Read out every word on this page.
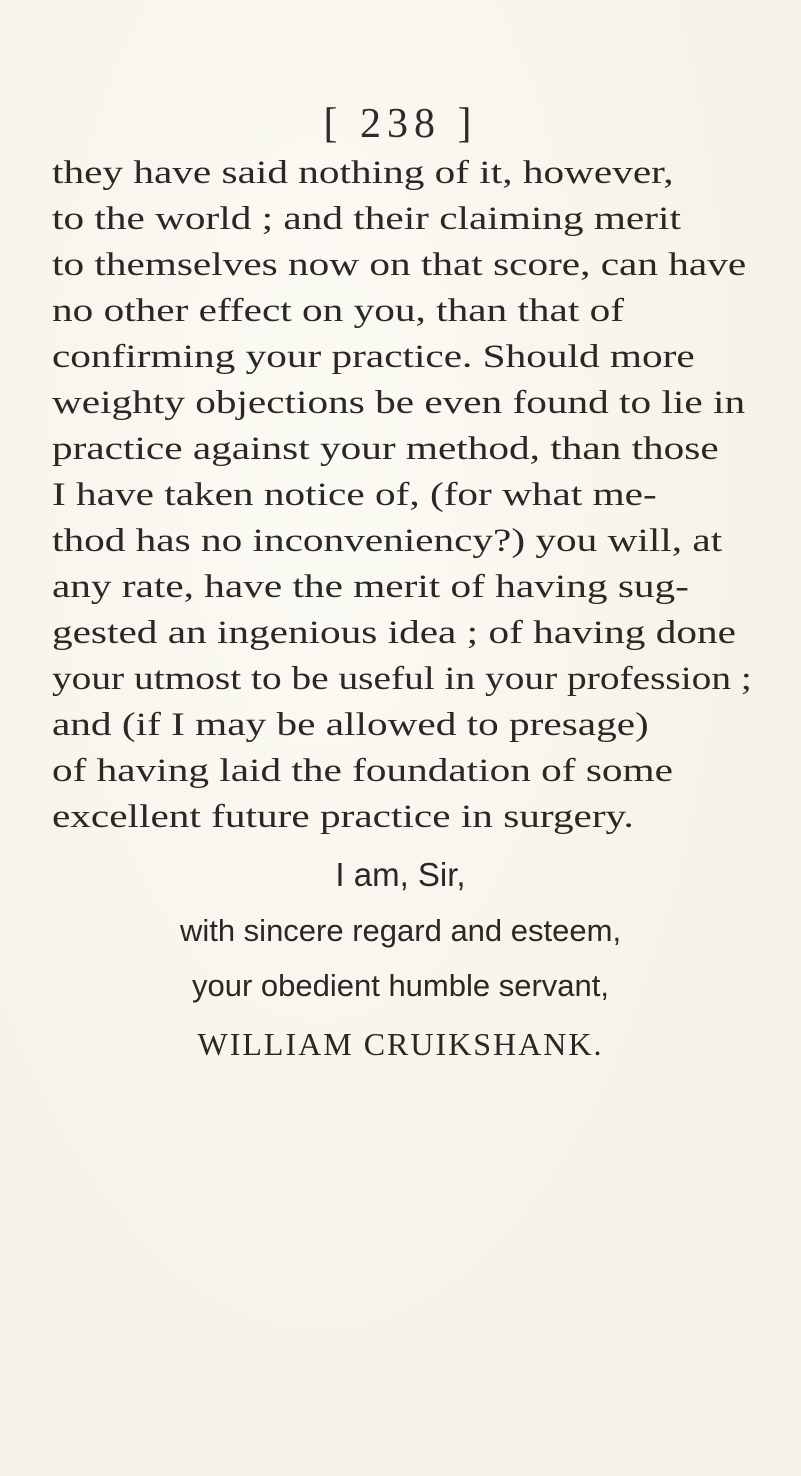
[ 238 ]
they have said nothing of it, however,
to the world ; and their claiming merit
to themselves now on that score, can have
no other effect on you, than that of
confirming your practice. Should more
weighty objections be even found to lie in
practice against your method, than those
I have taken notice of, (for what me-
thod has no inconveniency?) you will, at
any rate, have the merit of having sug-
gested an ingenious idea ; of having done
your utmost to be useful in your profession ;
and (if I may be allowed to presage)
of having laid the foundation of some
excellent future practice in surgery.
I am, Sir,
with sincere regard and esteem,
your obedient humble servant,
WILLIAM CRUIKSHANK.
